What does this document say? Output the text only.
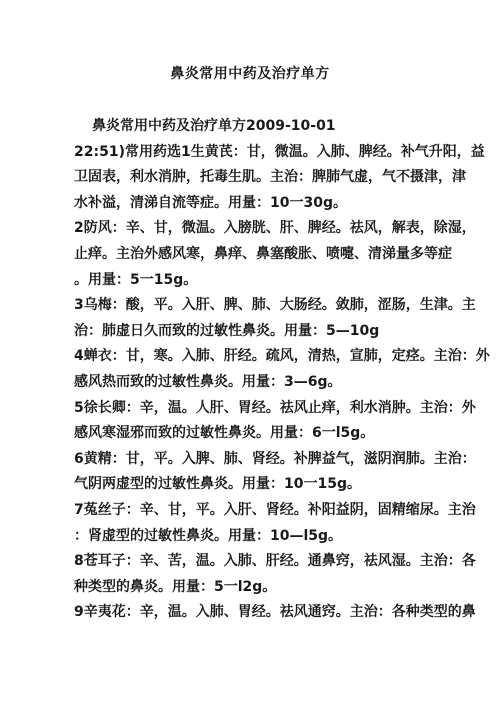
鼻炎常用中药及治疗单方
鼻炎常用中药及治疗单方2009-10-01
22:51)常用药选1生黄芪：甘，微温。入肺、脾经。补气升阳，益
卫固表，利水消肿，托毒生肌。主治：脾肺气虚，气不摄津，津
水补溢，清涕自流等症。用量：10一30g。
2防风：辛、甘，微温。入膀胱、肝、脾经。祛风，解表，除湿，
止痒。主治外感风寒，鼻痒、鼻塞酸胀、喷嚏、清涕量多等症
。用量：5一15g。
3乌梅：酸，平。入肝、脾、肺、大肠经。敛肺，涩肠，生津。主
治：肺虚日久而致的过敏性鼻炎。用量：5—10g
4蝉衣：甘，寒。入肺、肝经。疏风，清热，宣肺，定痉。主治：外
感风热而致的过敏性鼻炎。用量：3—6g。
5徐长卿：辛，温。人肝、胃经。祛风止痒，利水消肿。主治：外
感风寒湿邪而致的过敏性鼻炎。用量：6一l5g。
6黄精：甘，平。入脾、肺、肾经。补脾益气，滋阴润肺。主治：
气阴两虚型的过敏性鼻炎。用量：10一15g。
7菟丝子：辛、甘，平。入肝、肾经。补阳益阴，固精缩尿。主治
：肾虚型的过敏性鼻炎。用量：10—l5g。
8苍耳子：辛、苦，温。入肺、肝经。通鼻窍，祛风湿。主治：各
种类型的鼻炎。用量：5一l2g。
9辛夷花：辛，温。入肺、胃经。祛风通窍。主治：各种类型的鼻
